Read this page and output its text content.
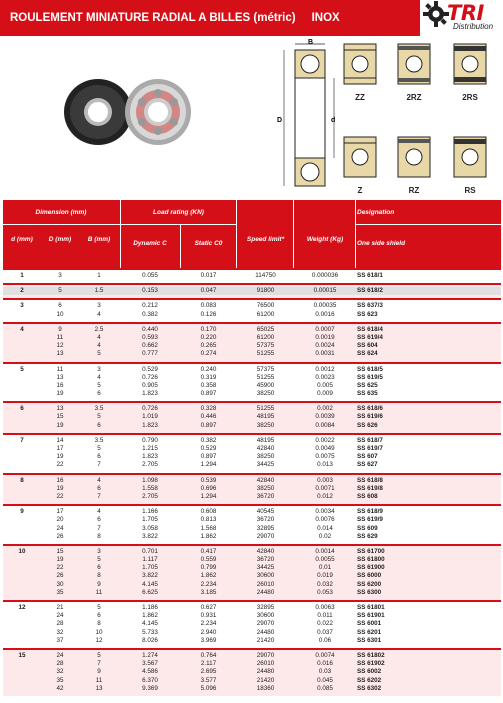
ROULEMENT MINIATURE RADIAL A BILLES (métric) INOX	TRI
Distribution
B
D	d
ZZ	2RZ	2RS
Z	RZ	RS
Dimension (mm)	Load rating (KN)	Designation
d (mm)	D (mm)	B (mm)
Dynamic C	Static C0
Speed limit*	Weight (Kg)
One side shield
1	3	1	0.055	0.017	114750	0.000036	SS 618/1
2	5	1.5	0.153	0.047	91800	0.00015	SS 618/2
3	6	3	0.212	0.083	76500	0.00035	SS 637/3
10	4	0.382	0.126	61200	0.0016	SS 623
4	9	2.5	0.440	0.170	65025	0.0007	SS 618/4
11	4	0.593	0.220	61200	0.0019	SS 619/4
12	4	0.662	0.265	57375	0.0024	SS 604
13	5	0.777	0.274	51255	0.0031	SS 624
5	11	3	0.529	0.240	57375	0.0012	SS 618/5
13	4	0.726	0.319	51255	0.0023	SS 619/5
16	5	0.905	0.358	45900	0.005	SS 625
19	6	1.823	0.897	38250	0.009	SS 635
6	13	3.5	0.726	0.328	51255	0.002	SS 618/6
15	5	1.019	0.446	48195	0.0039	SS 619/6
19	6	1.823	0.897	38250	0.0084	SS 626
7	14	3.5	0.790	0.382	48195	0.0022	SS 618/7
17	5	1.215	0.529	42840	0.0049	SS 619/7
19	6	1.823	0.897	38250	0.0075	SS 607
22	7	2.705	1.294	34425	0.013	SS 627
8	16	4	1.098	0.539	42840	0.003	SS 618/8
19	6	1.558	0.696	38250	0.0071	SS 619/8
22	7	2.705	1.294	36720	0.012	SS 608
9	17	4	1.166	0.608	40545	0.0034	SS 618/9
20	6	1.705	0.813	36720	0.0076	SS 619/9
24	7	3.058	1.568	32895	0.014	SS 609
26	8	3.822	1.862	29070	0.02	SS 629
10	15	3	0.701	0.417	42840	0.0014	SS 61700
19	5	1.117	0.559	36720	0.0055	SS 61800
22	6	1.705	0.799	34425	0.01	SS 61900
26	8	3.822	1.862	30600	0.019	SS 6000
30	9	4.145	2.234	26010	0.032	SS 6200
35	11	6.625	3.185	24480	0.053	SS 6300
12	21	5	1.186	0.627	32895	0.0063	SS 61801
24	6	1.862	0.931	30600	0.011	SS 61901
28	8	4.145	2.234	29070	0.022	SS 6001
32	10	5.733	2.940	24480	0.037	SS 6201
37	12	8.026	3.969	21420	0.06	SS 6301
15	24	5	1.274	0.764	29070	0.0074	SS 61802
28	7	3.567	2.117	26010	0.016	SS 61902
32	9	4.586	2.695	24480	0.03	SS 6002
35	11	6.370	3.577	21420	0.045	SS 6202
42	13	9.369	5.096	18360	0.085	SS 6302
